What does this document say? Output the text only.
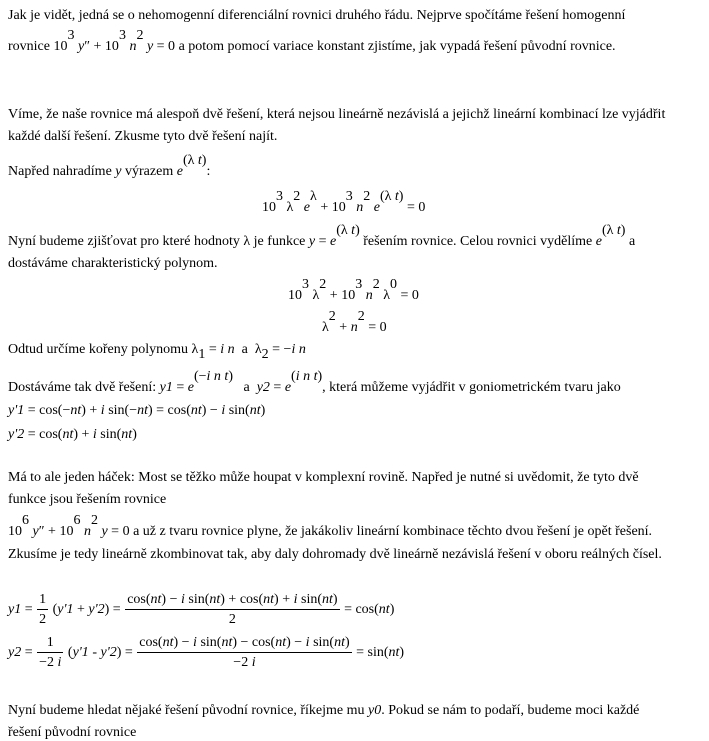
Jak je vidět, jedná se o nehomogenní diferenciální rovnici druhého řádu. Nejprve spočítáme řešení homogenní
rovnice $10^3$ $y'' + 10^3$ $n^2$ y = 0 a potom pomocí variace konstant zjistíme, jak vypadá řešení původní rovnice.
Víme, že naše rovnice má alespoň dvě řešení, která nejsou lineárně nezávislá a jejichž lineární kombinací lze vyjádřit
každé další řešení. Zkusme tyto dvě řešení najít.
Napřed nahradíme y výrazem $e^{(\lambda t)}$:
$10^3$ $\lambda^2$ $e^\lambda + 10^3$ $n^2$ $e^{(\lambda t)} = 0$
Nyní budeme zjišťovat pro které hodnoty λ je funkce $y = e^{(\lambda t)}$ řešením rovnice. Celou rovnici vydělíme $e^{(\lambda t)}$ a
dostáváme charakteristický polynom.
$10^3$ $\lambda^2 + 10^3$ $n^2$ $\lambda^0 = 0$
$\lambda^2 + n^2 = 0$
Odtud určíme kořeny polynomu $\lambda_1 = i$ n a $\lambda_2 = -i$ n
Dostáváme tak dvě řešení: $y1 = e^{(-i n t)}$   a $y2 = e^{(i n t)}$, která můžeme vyjádřit v goniometrickém tvaru jako
y'1 = cos(−nt) + i sin(−nt) = cos(nt) − i sin(nt)
y'2 = cos(nt) + i sin(nt)
Má to ale jeden háček: Most se těžko může houpat v komplexní rovině. Napřed je nutné si uvědomit, že tyto dvě
funkce jsou řešením rovnice
$10^6$ $y'' + 10^6$ $n^2$ y = 0 a už z tvaru rovnice plyne, že jakákoliv lineární kombinace těchto dvou řešení je opět řešení.
Zkusíme je tedy lineárně zkombinovat tak, aby daly dohromady dvě lineárně nezávislá řešení v oboru reálných čísel.
$y1 = \frac{1}{2} (y'1 + y'2) = \frac{\text{cos(nt) − i sin(nt) + cos(nt) + i sin(nt)}}{2} = \cos(nt)$
$y2 = \frac{1}{-2 i} (y'1 - y'2) = \frac{\text{cos(nt) − i sin(nt) − cos(nt) − i sin(nt)}}{-2 i} = \sin(nt)$
Nyní budeme hledat nějaké řešení původní rovnice, říkejme mu y0. Pokud se nám to podaří, budeme moci každé
řešení původní rovnice
